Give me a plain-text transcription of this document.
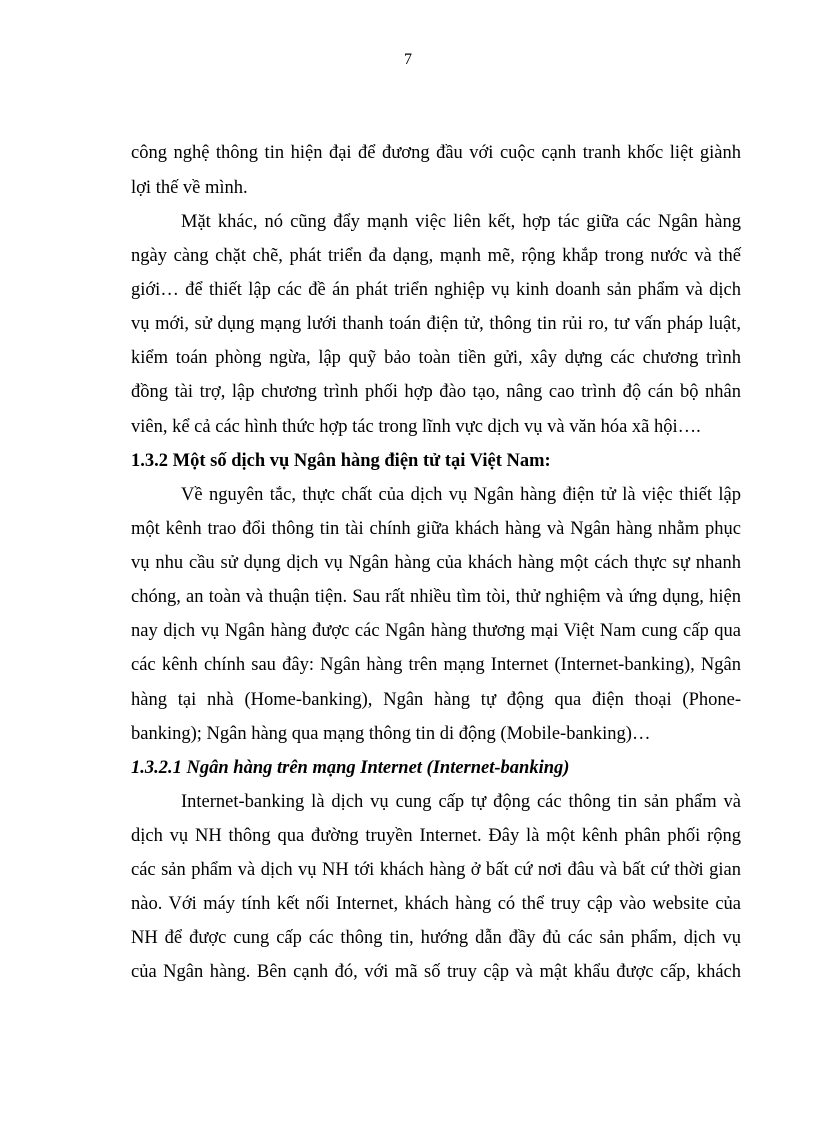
7
công nghệ thông tin hiện đại để đương đầu với cuộc cạnh tranh khốc liệt giành
lợi thế về mình.
Mặt khác, nó cũng đẩy mạnh việc liên kết, hợp tác giữa các Ngân hàng
ngày càng chặt chẽ, phát triển đa dạng, mạnh mẽ, rộng khắp trong nước và thế
giới… để thiết lập các đề án phát triển nghiệp vụ kinh doanh sản phẩm và dịch
vụ mới, sử dụng mạng lưới thanh toán điện tử, thông tin rủi ro, tư vấn pháp luật,
kiểm toán phòng ngừa, lập quỹ bảo toàn tiền gửi, xây dựng các chương trình
đồng tài trợ, lập chương trình phối hợp đào tạo, nâng cao trình độ cán bộ nhân
viên, kể cả các hình thức hợp tác trong lĩnh vực dịch vụ và văn hóa xã hội….
1.3.2 Một số dịch vụ Ngân hàng điện tử tại Việt Nam:
Về nguyên tắc, thực chất của dịch vụ Ngân hàng điện tử là việc thiết lập
một kênh trao đổi thông tin tài chính giữa khách hàng và Ngân hàng nhằm phục
vụ nhu cầu sử dụng dịch vụ Ngân hàng của khách hàng một cách thực sự nhanh
chóng, an toàn và thuận tiện. Sau rất nhiều tìm tòi, thử nghiệm và ứng dụng, hiện
nay dịch vụ Ngân hàng được các Ngân hàng thương mại Việt Nam cung cấp qua
các kênh chính sau đây: Ngân hàng trên mạng Internet (Internet-banking), Ngân
hàng tại nhà (Home-banking), Ngân hàng tự động qua điện thoại (Phone-
banking); Ngân hàng qua mạng thông tin di động (Mobile-banking)…
1.3.2.1 Ngân hàng trên mạng Internet (Internet-banking)
Internet-banking là dịch vụ cung cấp tự động các thông tin sản phẩm và
dịch vụ NH thông qua đường truyền Internet. Đây là một kênh phân phối rộng
các sản phẩm và dịch vụ NH tới khách hàng ở bất cứ nơi đâu và bất cứ thời gian
nào. Với máy tính kết nối Internet, khách hàng có thể truy cập vào website của
NH để được cung cấp các thông tin, hướng dẫn đầy đủ các sản phẩm, dịch vụ
của Ngân hàng. Bên cạnh đó, với mã số truy cập và mật khẩu được cấp, khách
